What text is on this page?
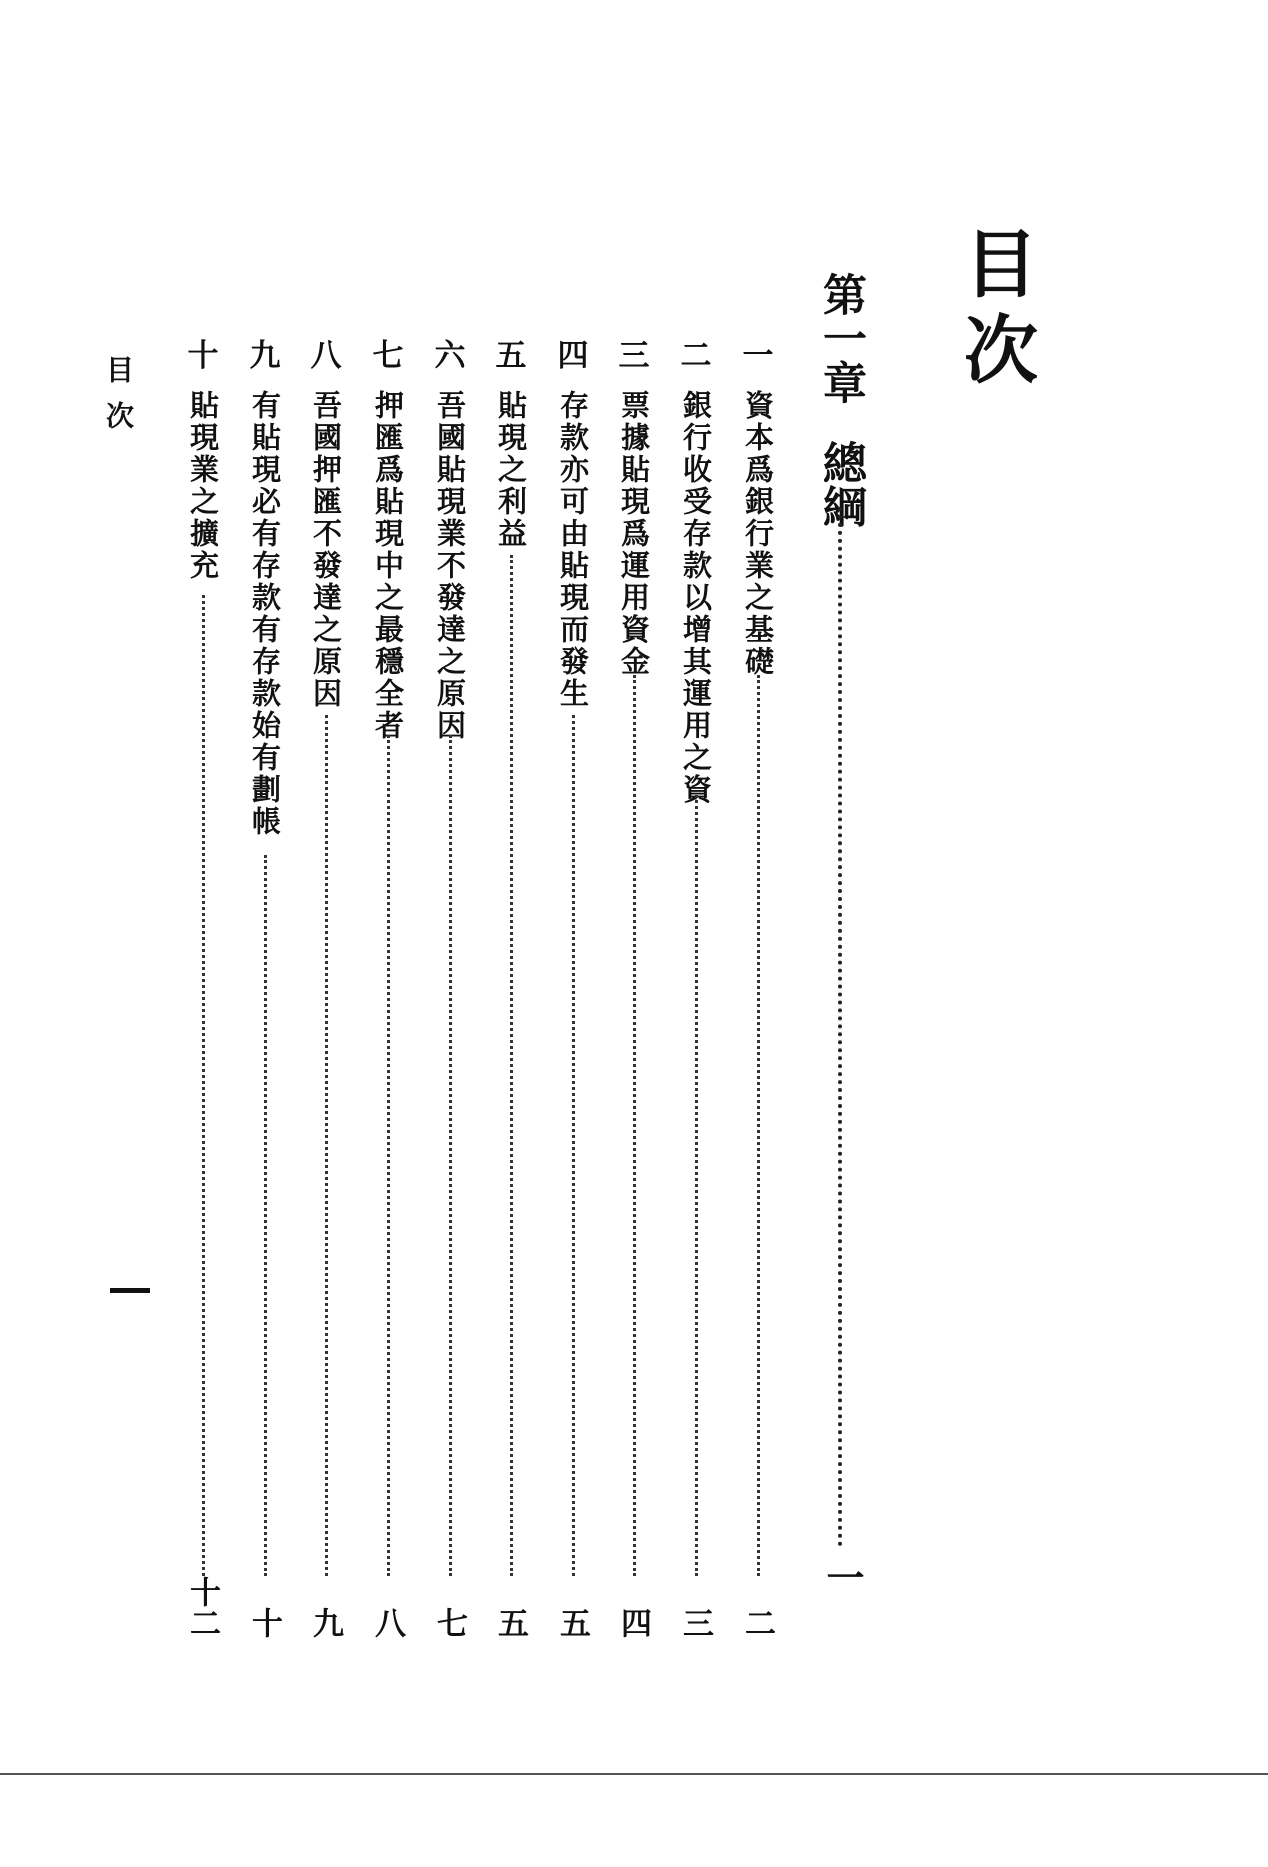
目次
第一章總綱
一
一
資本爲銀行業之基礎
二
二
銀行收受存款以增其運用之資
三
三
票據貼現爲運用資金
四
四
存款亦可由貼現而發生
五
五
貼現之利益
五
六
吾國貼現業不發達之原因
七
七
押匯爲貼現中之最穩全者
八
八
吾國押匯不發達之原因
九
九
有貼現必有存款有存款始有劃帳
十
十
貼現業之擴充
十二
目次
